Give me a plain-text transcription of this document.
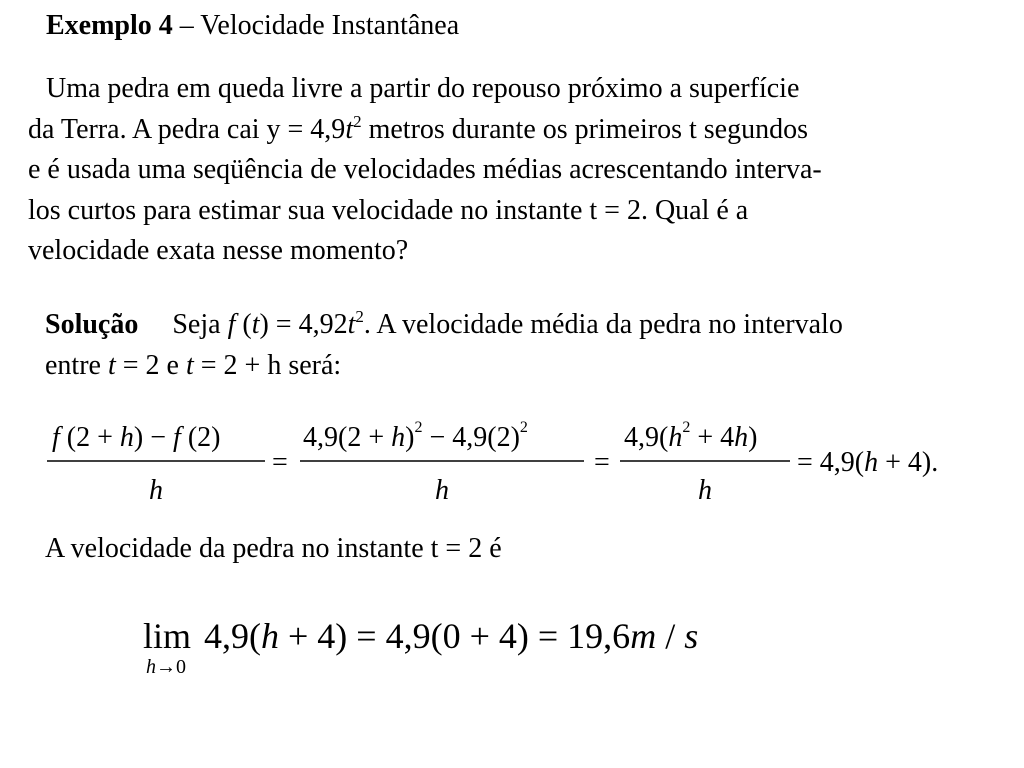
Exemplo 4 – Velocidade Instantânea
Uma pedra em queda livre a partir do repouso próximo a superfície
da Terra. A pedra cai $y = 4,9t^2$ metros durante os primeiros t segundos
e é usada uma seqüência de velocidades médias acrescentando interva-
los curtos para estimar sua velocidade no instante t = 2. Qual é a
velocidade exata nesse momento?
Solução Seja f $(t) = 4,92t^2$. A velocidade média da pedra no intervalo
entre t = 2 e t = 2 + h será:
f (2 + h) − f (2)
h
=
$4,9(2 + h)^2 - 4,9(2)^2$
h
=
$4,9(h^2 + 4h)$
h
= 4,9(h + 4).
lim
h→0
4,9(h + 4) = 4,9(0 + 4) = 19,6m / s
A velocidade da pedra no instante t = 2 é
